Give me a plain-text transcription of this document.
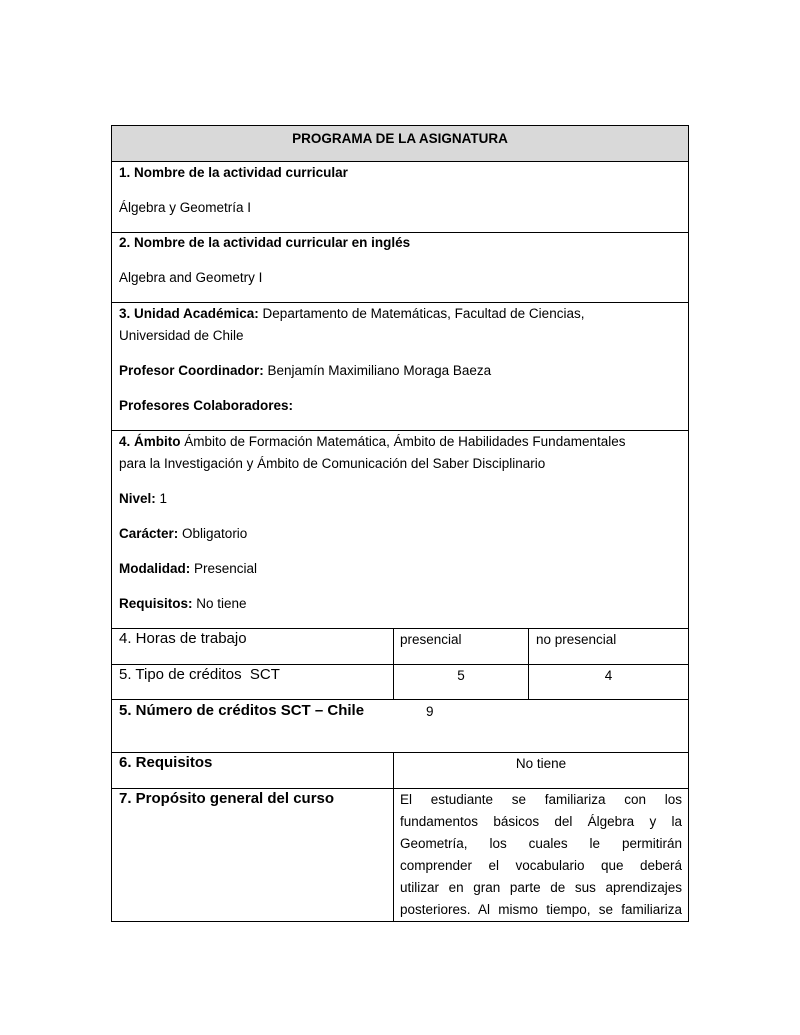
PROGRAMA DE LA ASIGNATURA
1. Nombre de la actividad curricular
Álgebra y Geometría I
2. Nombre de la actividad curricular en inglés
Algebra and Geometry I
3. Unidad Académica: Departamento de Matemáticas, Facultad de Ciencias,
Universidad de Chile
Profesor Coordinador: Benjamín Maximiliano Moraga Baeza
Profesores Colaboradores:
4. Ámbito Ámbito de Formación Matemática, Ámbito de Habilidades Fundamentales
para la Investigación y Ámbito de Comunicación del Saber Disciplinario
Nivel: 1
Carácter: Obligatorio
Modalidad: Presencial
Requisitos: No tiene
4. Horas de trabajo	presencial	no presencial
5. Tipo de créditos  SCT	5	4
5. Número de créditos SCT – Chile	9
6. Requisitos	No tiene
7. Propósito general del curso	El estudiante se familiariza con los
fundamentos básicos del Álgebra y la
Geometría, los cuales le permitirán
comprender el vocabulario que deberá
utilizar en gran parte de sus aprendizajes
posteriores. Al mismo tiempo, se familiariza
